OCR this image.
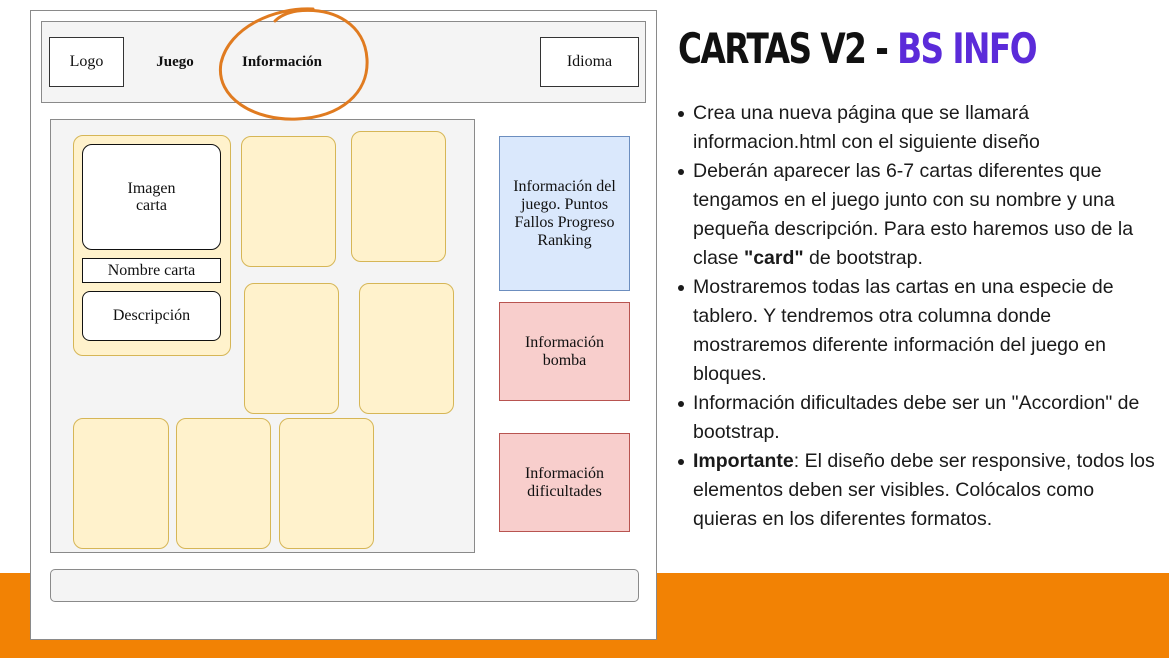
Logo	Juego	Información	Idioma
Imagen carta
Nombre carta
Descripción
Información del juego. Puntos Fallos Progreso Ranking
Información bomba
Información dificultades
CARTAS V2 - BS INFO
Crea una nueva página que se llamará informacion.html con el siguiente diseño
Deberán aparecer las 6-7 cartas diferentes que tengamos en el juego junto con su nombre y una pequeña descripción. Para esto haremos uso de la clase "card" de bootstrap.
Mostraremos todas las cartas en una especie de tablero. Y tendremos otra columna donde mostraremos diferente información del juego en bloques.
Información dificultades debe ser un "Accordion" de bootstrap.
Importante: El diseño debe ser responsive, todos los elementos deben ser visibles. Colócalos como quieras en los diferentes formatos.
